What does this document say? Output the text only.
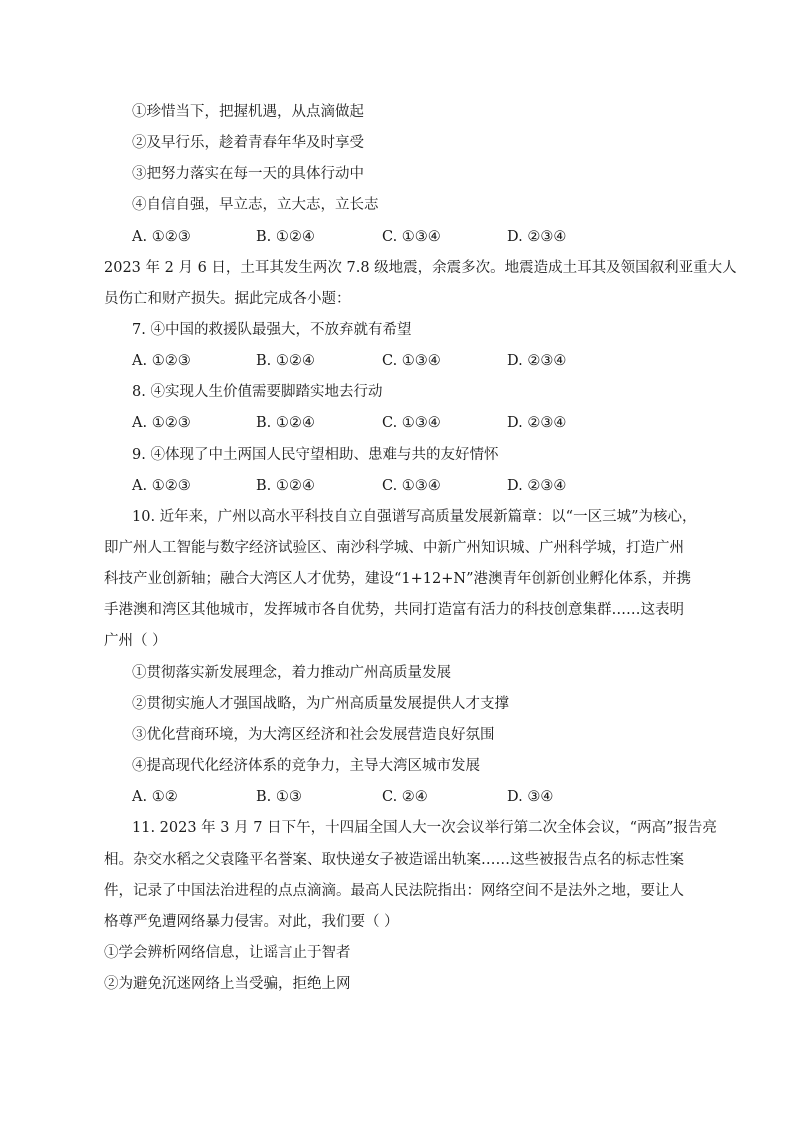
①珍惜当下，把握机遇，从点滴做起
②及早行乐，趁着青春年华及时享受
③把努力落实在每一天的具体行动中
④自信自强，早立志，立大志，立长志
A. ①②③	B. ①②④	C. ①③④	D. ②③④
2023 年 2 月 6 日，土耳其发生两次 7.8 级地震，余震多次。地震造成土耳其及领国叙利亚重大人
员伤亡和财产损失。据此完成各小题：
7. ④中国的救援队最强大，不放弃就有希望
A. ①②③	B. ①②④	C. ①③④	D. ②③④
8. ④实现人生价值需要脚踏实地去行动
A. ①②③	B. ①②④	C. ①③④	D. ②③④
9. ④体现了中土两国人民守望相助、患难与共的友好情怀
A. ①②③	B. ①②④	C. ①③④	D. ②③④
10. 近年来，广州以高水平科技自立自强谱写高质量发展新篇章：以“一区三城”为核心，
即广州人工智能与数字经济试验区、南沙科学城、中新广州知识城、广州科学城，打造广州
科技产业创新轴；融合大湾区人才优势，建设“1+12+N”港澳青年创新创业孵化体系，并携
手港澳和湾区其他城市，发挥城市各自优势，共同打造富有活力的科技创意集群……这表明
广州（ ）
①贯彻落实新发展理念，着力推动广州高质量发展
②贯彻实施人才强国战略，为广州高质量发展提供人才支撑
③优化营商环境，为大湾区经济和社会发展营造良好氛围
④提高现代化经济体系的竞争力，主导大湾区城市发展
A. ①②	B. ①③	C. ②④	D. ③④
11. 2023 年 3 月 7 日下午，十四届全国人大一次会议举行第二次全体会议，“两高”报告亮
相。杂交水稻之父袁隆平名誉案、取快递女子被造谣出轨案……这些被报告点名的标志性案
件，记录了中国法治进程的点点滴滴。最高人民法院指出：网络空间不是法外之地，要让人
格尊严免遭网络暴力侵害。对此，我们要（ ）
①学会辨析网络信息，让谣言止于智者
②为避免沉迷网络上当受骗，拒绝上网
